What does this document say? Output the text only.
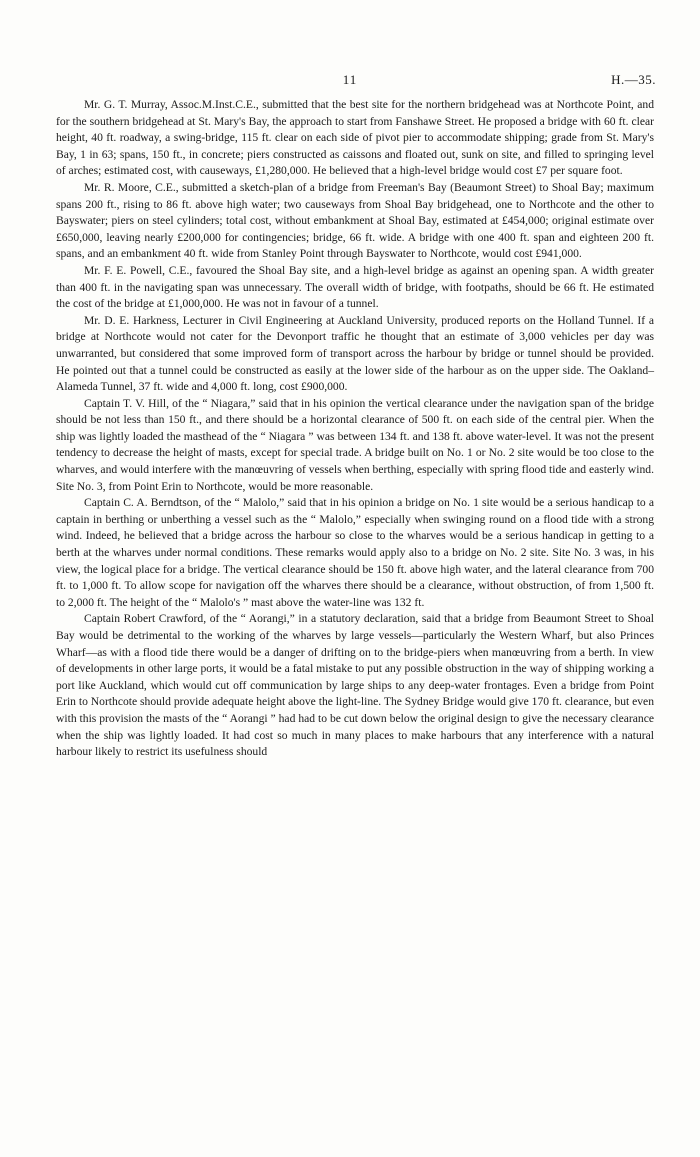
11	H.—35.

Mr. G. T. Murray, Assoc.M.Inst.C.E., submitted that the best site for the northern bridgehead was at Northcote Point, and for the southern bridgehead at St. Mary's Bay, the approach to start from Fanshawe Street. He proposed a bridge with 60 ft. clear height, 40 ft. roadway, a swing-bridge, 115 ft. clear on each side of pivot pier to accommodate shipping; grade from St. Mary's Bay, 1 in 63; spans, 150 ft., in concrete; piers constructed as caissons and floated out, sunk on site, and filled to springing level of arches; estimated cost, with causeways, £1,280,000. He believed that a high-level bridge would cost £7 per square foot.

Mr. R. Moore, C.E., submitted a sketch-plan of a bridge from Freeman's Bay (Beaumont Street) to Shoal Bay; maximum spans 200 ft., rising to 86 ft. above high water; two causeways from Shoal Bay bridgehead, one to Northcote and the other to Bayswater; piers on steel cylinders; total cost, without embankment at Shoal Bay, estimated at £454,000; original estimate over £650,000, leaving nearly £200,000 for contingencies; bridge, 66 ft. wide. A bridge with one 400 ft. span and eighteen 200 ft. spans, and an embankment 40 ft. wide from Stanley Point through Bayswater to Northcote, would cost £941,000.

Mr. F. E. Powell, C.E., favoured the Shoal Bay site, and a high-level bridge as against an opening span. A width greater than 400 ft. in the navigating span was unnecessary. The overall width of bridge, with footpaths, should be 66 ft. He estimated the cost of the bridge at £1,000,000. He was not in favour of a tunnel.

Mr. D. E. Harkness, Lecturer in Civil Engineering at Auckland University, produced reports on the Holland Tunnel. If a bridge at Northcote would not cater for the Devonport traffic he thought that an estimate of 3,000 vehicles per day was unwarranted, but considered that some improved form of transport across the harbour by bridge or tunnel should be provided. He pointed out that a tunnel could be constructed as easily at the lower side of the harbour as on the upper side. The Oakland–Alameda Tunnel, 37 ft. wide and 4,000 ft. long, cost £900,000.

Captain T. V. Hill, of the “ Niagara,” said that in his opinion the vertical clearance under the navigation span of the bridge should be not less than 150 ft., and there should be a horizontal clearance of 500 ft. on each side of the central pier. When the ship was lightly loaded the masthead of the “ Niagara ” was between 134 ft. and 138 ft. above water-level. It was not the present tendency to decrease the height of masts, except for special trade. A bridge built on No. 1 or No. 2 site would be too close to the wharves, and would interfere with the manœuvring of vessels when berthing, especially with spring flood tide and easterly wind. Site No. 3, from Point Erin to Northcote, would be more reasonable.

Captain C. A. Berndtson, of the “ Malolo,” said that in his opinion a bridge on No. 1 site would be a serious handicap to a captain in berthing or unberthing a vessel such as the “ Malolo,” especially when swinging round on a flood tide with a strong wind. Indeed, he believed that a bridge across the harbour so close to the wharves would be a serious handicap in getting to a berth at the wharves under normal conditions. These remarks would apply also to a bridge on No. 2 site. Site No. 3 was, in his view, the logical place for a bridge. The vertical clearance should be 150 ft. above high water, and the lateral clearance from 700 ft. to 1,000 ft. To allow scope for navigation off the wharves there should be a clearance, without obstruction, of from 1,500 ft. to 2,000 ft. The height of the “ Malolo's ” mast above the water-line was 132 ft.

Captain Robert Crawford, of the “ Aorangi,” in a statutory declaration, said that a bridge from Beaumont Street to Shoal Bay would be detrimental to the working of the wharves by large vessels—particularly the Western Wharf, but also Princes Wharf—as with a flood tide there would be a danger of drifting on to the bridge-piers when manœuvring from a berth. In view of developments in other large ports, it would be a fatal mistake to put any possible obstruction in the way of shipping working a port like Auckland, which would cut off communication by large ships to any deep-water frontages. Even a bridge from Point Erin to Northcote should provide adequate height above the light-line. The Sydney Bridge would give 170 ft. clearance, but even with this provision the masts of the “ Aorangi ” had had to be cut down below the original design to give the necessary clearance when the ship was lightly loaded. It had cost so much in many places to make harbours that any interference with a natural harbour likely to restrict its usefulness should
